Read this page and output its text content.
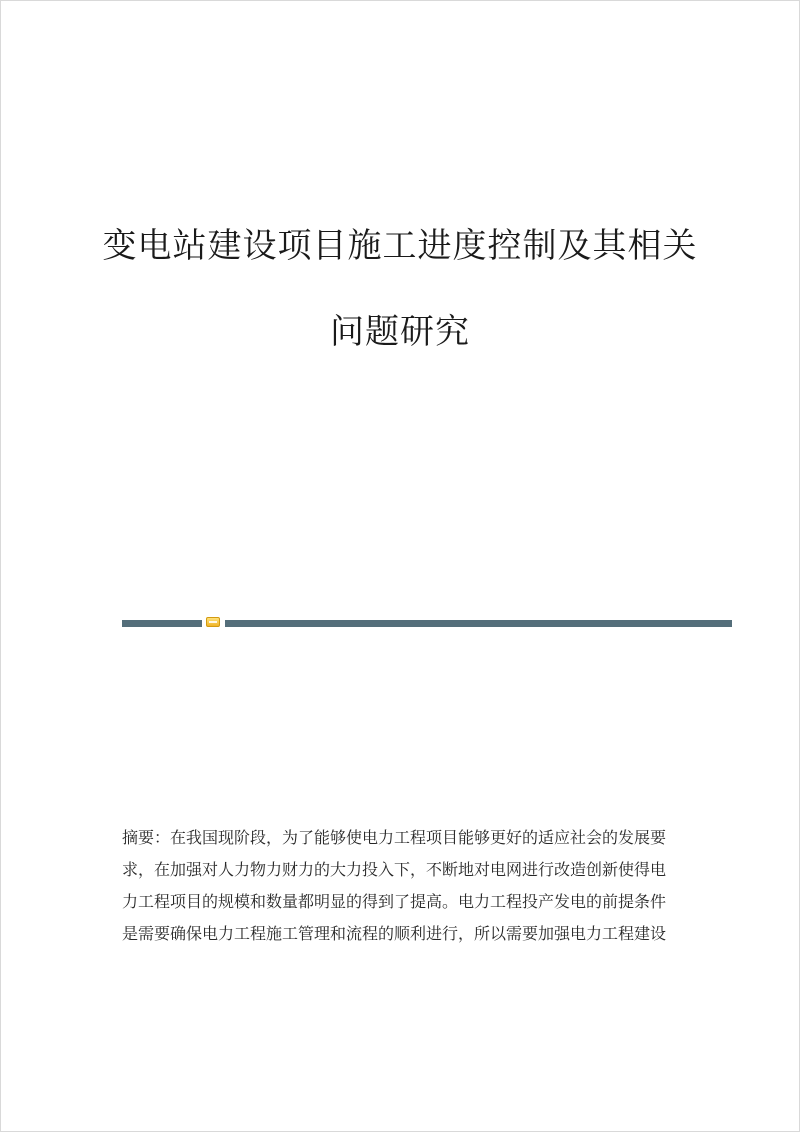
变电站建设项目施工进度控制及其相关
问题研究
摘要：在我国现阶段，为了能够使电力工程项目能够更好的适应社会的发展要
求，在加强对人力物力财力的大力投入下，不断地对电网进行改造创新使得电
力工程项目的规模和数量都明显的得到了提高。电力工程投产发电的前提条件
是需要确保电力工程施工管理和流程的顺利进行，所以需要加强电力工程建设
